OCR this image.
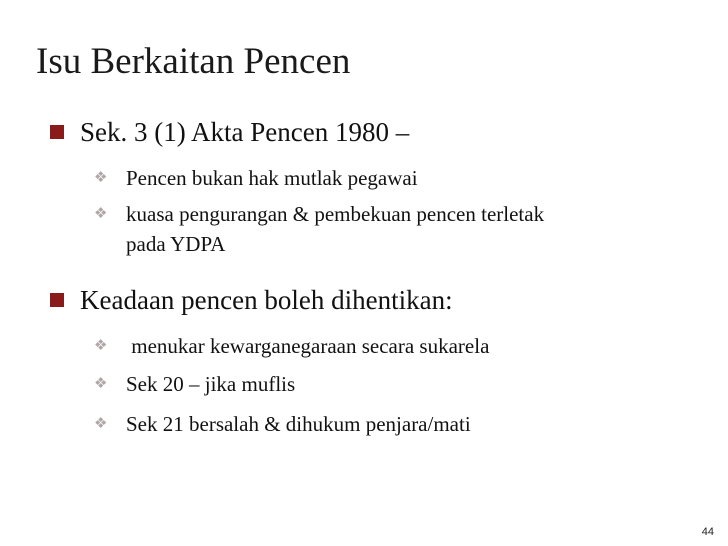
Isu Berkaitan Pencen
Sek. 3 (1) Akta Pencen 1980 –
❖ Pencen bukan hak mutlak pegawai
❖ kuasa pengurangan & pembekuan pencen terletak
pada YDPA
Keadaan pencen boleh dihentikan:
❖ menukar kewarganegaraan secara sukarela
❖ Sek 20 – jika muflis
❖ Sek 21 bersalah & dihukum penjara/mati
44
